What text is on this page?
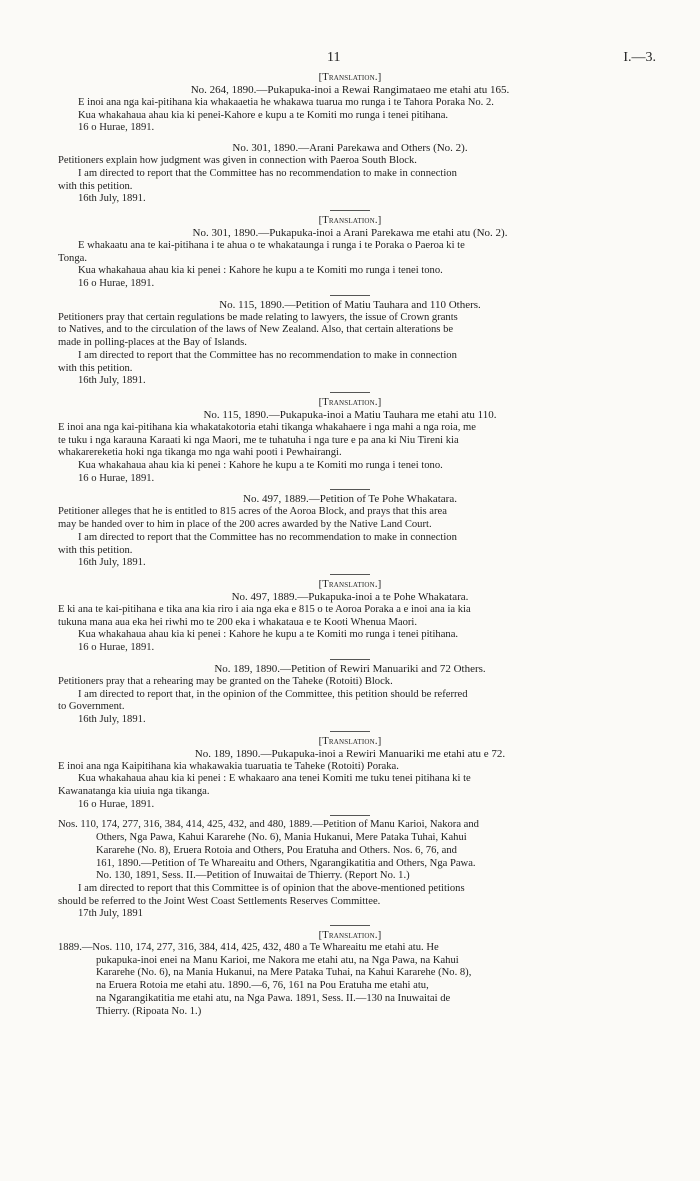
11	I.—3.

[Translation.]

No. 264, 1890.—Pukapuka-inoi a Rewai Rangimataeo me etahi atu 165.

E inoi ana nga kai-pitihana kia whakaaetia he whakawa tuarua mo runga i te Tahora Poraka No. 2.

Kua whakahaua ahau kia ki penei-Kahore e kupu a te Komiti mo runga i tenei pitihana.

16 o Hurae, 1891.

No. 301, 1890.—Arani Parekawa and Others (No. 2).

Petitioners explain how judgment was given in connection with Paeroa South Block.

I am directed to report that the Committee has no recommendation to make in connection

with this petition.

16th July, 1891.

[Translation.]

No. 301, 1890.—Pukapuka-inoi a Arani Parekawa me etahi atu (No. 2).

E whakaatu ana te kai-pitihana i te ahua o te whakataunga i runga i te Poraka o Paeroa ki te

Tonga.

Kua whakahaua ahau kia ki penei : Kahore he kupu a te Komiti mo runga i tenei tono.

16 o Hurae, 1891.

No. 115, 1890.—Petition of Matiu Tauhara and 110 Others.

Petitioners pray that certain regulations be made relating to lawyers, the issue of Crown grants

to Natives, and to the circulation of the laws of New Zealand. Also, that certain alterations be

made in polling-places at the Bay of Islands.

I am directed to report that the Committee has no recommendation to make in connection

with this petition.

16th July, 1891.

[Translation.]

No. 115, 1890.—Pukapuka-inoi a Matiu Tauhara me etahi atu 110.

E inoi ana nga kai-pitihana kia whakatakotoria etahi tikanga whakahaere i nga mahi a nga roia, me

te tuku i nga karauna Karaati ki nga Maori, me te tuhatuha i nga ture e pa ana ki Niu Tireni kia

whakarereketia hoki nga tikanga mo nga wahi pooti i Pewhairangi.

Kua whakahaua ahau kia ki penei : Kahore he kupu a te Komiti mo runga i tenei tono.

16 o Hurae, 1891.

No. 497, 1889.—Petition of Te Pohe Whakatara.

Petitioner alleges that he is entitled to 815 acres of the Aoroa Block, and prays that this area

may be handed over to him in place of the 200 acres awarded by the Native Land Court.

I am directed to report that the Committee has no recommendation to make in connection

with this petition.

16th July, 1891.

[Translation.]

No. 497, 1889.—Pukapuka-inoi a te Pohe Whakatara.

E ki ana te kai-pitihana e tika ana kia riro i aia nga eka e 815 o te Aoroa Poraka a e inoi ana ia kia

tukuna mana aua eka hei riwhi mo te 200 eka i whakataua e te Kooti Whenua Maori.

Kua whakahaua ahau kia ki penei : Kahore he kupu a te Komiti mo runga i tenei pitihana.

16 o Hurae, 1891.

No. 189, 1890.—Petition of Rewiri Manuariki and 72 Others.

Petitioners pray that a rehearing may be granted on the Taheke (Rotoiti) Block.

I am directed to report that, in the opinion of the Committee, this petition should be referred

to Government.

16th July, 1891.

[Translation.]

No. 189, 1890.—Pukapuka-inoi a Rewiri Manuariki me etahi atu e 72.

E inoi ana nga Kaipitihana kia whakawakia tuaruatia te Taheke (Rotoiti) Poraka.

Kua whakahaua ahau kia ki penei : E whakaaro ana tenei Komiti me tuku tenei pitihana ki te

Kawanatanga kia uiuia nga tikanga.

16 o Hurae, 1891.

Nos. 110, 174, 277, 316, 384, 414, 425, 432, and 480, 1889.—Petition of Manu Karioi, Nakora and

Others, Nga Pawa, Kahui Kararehe (No. 6), Mania Hukanui, Mere Pataka Tuhai, Kahui

Kararehe (No. 8), Eruera Rotoia and Others, Pou Eratuha and Others. Nos. 6, 76, and

161, 1890.—Petition of Te Whareaitu and Others, Ngarangikatitia and Others, Nga Pawa.

No. 130, 1891, Sess. II.—Petition of Inuwaitai de Thierry. (Report No. 1.)

I am directed to report that this Committee is of opinion that the above-mentioned petitions

should be referred to the Joint West Coast Settlements Reserves Committee.

17th July, 1891

[Translation.]

1889.—Nos. 110, 174, 277, 316, 384, 414, 425, 432, 480 a Te Whareaitu me etahi atu. He

pukapuka-inoi enei na Manu Karioi, me Nakora me etahi atu, na Nga Pawa, na Kahui

Kararehe (No. 6), na Mania Hukanui, na Mere Pataka Tuhai, na Kahui Kararehe (No. 8),

na Eruera Rotoia me etahi atu. 1890.—6, 76, 161 na Pou Eratuha me etahi atu,

na Ngarangikatitia me etahi atu, na Nga Pawa. 1891, Sess. II.—130 na Inuwaitai de

Thierry. (Ripoata No. 1.)
